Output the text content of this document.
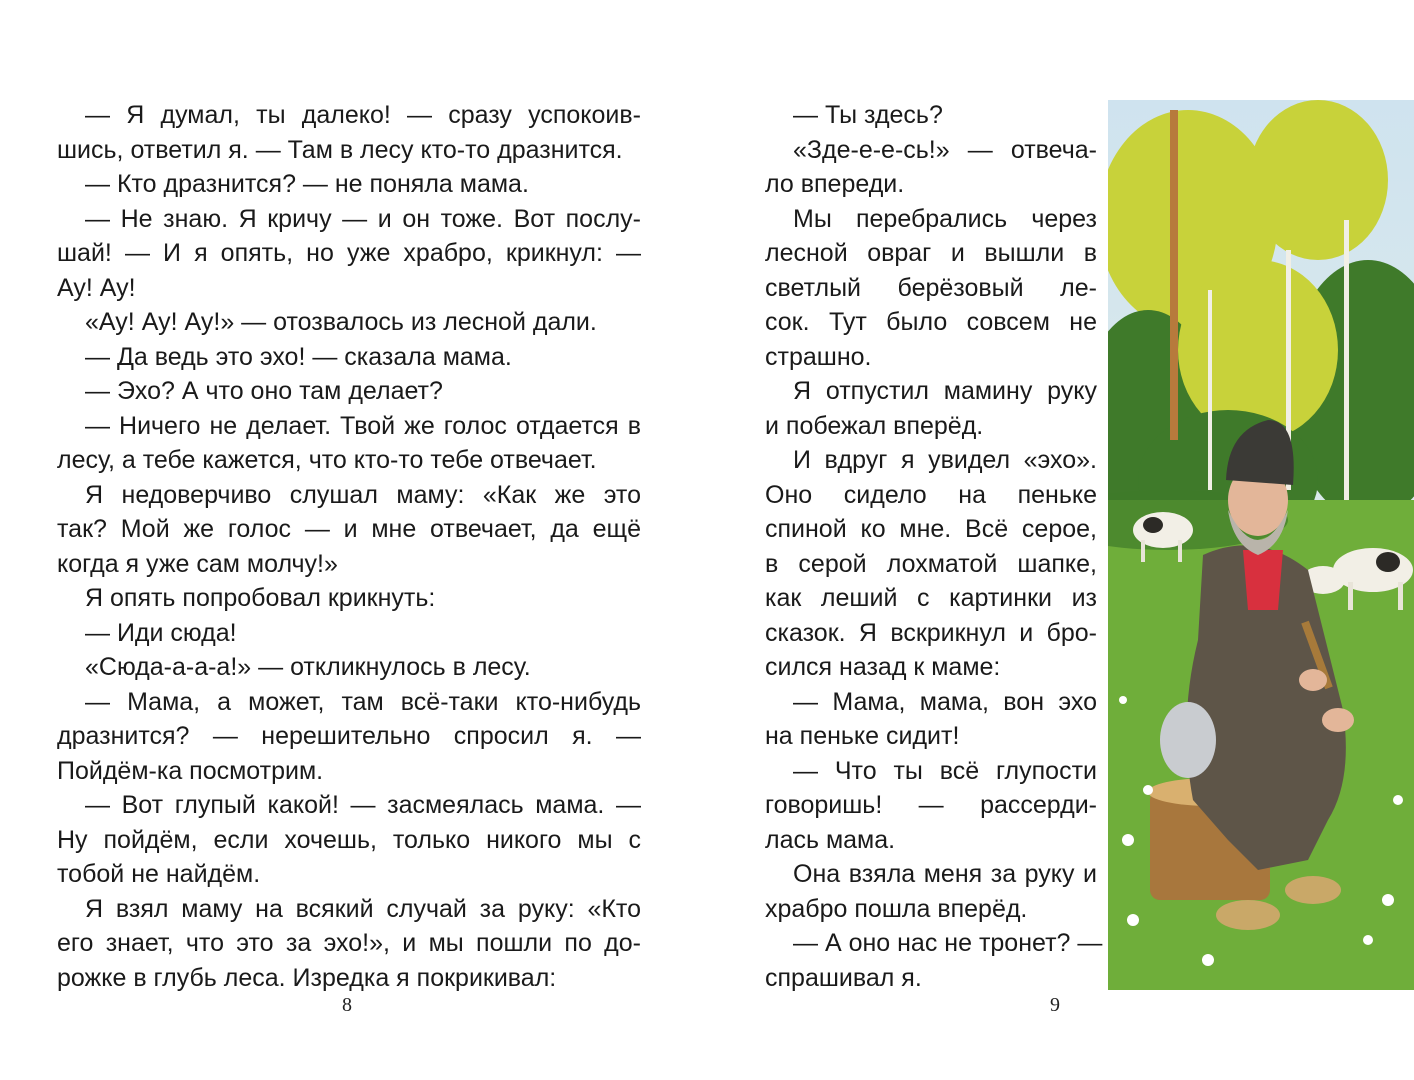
— Я думал, ты далеко! — сразу успокоив-
шись, ответил я. — Там в лесу кто-то дразнится.
— Кто дразнится? — не поняла мама.
— Не знаю. Я кричу — и он тоже. Вот послу-
шай! — И я опять, но уже храбро, крикнул: —
Ау! Ау!
«Ау! Ау! Ау!» — отозвалось из лесной дали.
— Да ведь это эхо! — сказала мама.
— Эхо? А что оно там делает?
— Ничего не делает. Твой же голос отдается в
лесу, а тебе кажется, что кто-то тебе отвечает.
Я недоверчиво слушал маму: «Как же это
так? Мой же голос — и мне отвечает, да ещё
когда я уже сам молчу!»
Я опять попробовал крикнуть:
— Иди сюда!
«Сюда-а-а-а!» — откликнулось в лесу.
— Мама, а может, там всё-таки кто-нибудь
дразнится? — нерешительно спросил я. —
Пойдём-ка посмотрим.
— Вот глупый какой! — засмеялась мама. —
Ну пойдём, если хочешь, только никого мы с
тобой не найдём.
Я взял маму на всякий случай за руку: «Кто
его знает, что это за эхо!», и мы пошли по до-
рожке в глубь леса. Изредка я покрикивал:
8
— Ты здесь?
«Зде-е-е-сь!» — отвеча-
ло впереди.
Мы перебрались через
лесной овраг и вышли в
светлый берёзовый ле-
сок. Тут было совсем не
страшно.
Я отпустил мамину руку
и побежал вперёд.
И вдруг я увидел «эхо».
Оно сидело на пеньке
спиной ко мне. Всё серое,
в серой лохматой шапке,
как леший с картинки из
сказок. Я вскрикнул и бро-
сился назад к маме:
— Мама, мама, вон эхо
на пеньке сидит!
— Что ты всё глупости
говоришь! — рассерди-
лась мама.
Она взяла меня за руку и
храбро пошла вперёд.
— А оно нас не тронет? —
спрашивал я.
9
